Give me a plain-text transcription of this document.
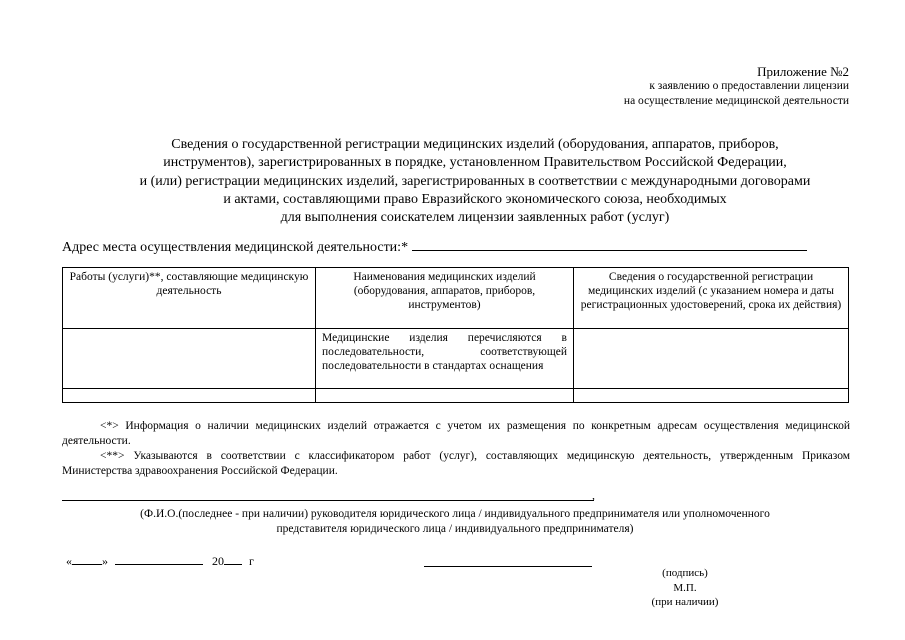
Приложение №2
к заявлению о предоставлении лицензии
на осуществление медицинской деятельности
Сведения о государственной регистрации медицинских изделий (оборудования, аппаратов, приборов,
инструментов), зарегистрированных в порядке, установленном Правительством Российской Федерации,
и (или) регистрации медицинских изделий, зарегистрированных в соответствии с международными договорами
и актами, составляющими право Евразийского экономического союза, необходимых
для выполнения соискателем лицензии заявленных работ (услуг)
Адрес места осуществления медицинской деятельности:*
Работы (услуги)**, составляющие медицинскую деятельность	Наименования медицинских изделий (оборудования, аппаратов, приборов, инструментов)	Сведения о государственной регистрации медицинских изделий (с указанием номера и даты регистрационных удостоверений, срока их действия)
	Медицинские изделия перечисляются в последовательности, соответствующей последовательности в стандартах оснащения	

<*> Информация о наличии медицинских изделий отражается с учетом их размещения по конкретным адресам осуществления медицинской деятельности.
<**> Указываются в соответствии с классификатором работ (услуг), составляющих медицинскую деятельность, утвержденным Приказом Министерства здравоохранения Российской Федерации.
,
(Ф.И.О.(последнее - при наличии) руководителя юридического лица / индивидуального предпринимателя или уполномоченного
представителя юридического лица / индивидуального предпринимателя)
«	»	20 г
(подпись)
М.П.
(при наличии)
